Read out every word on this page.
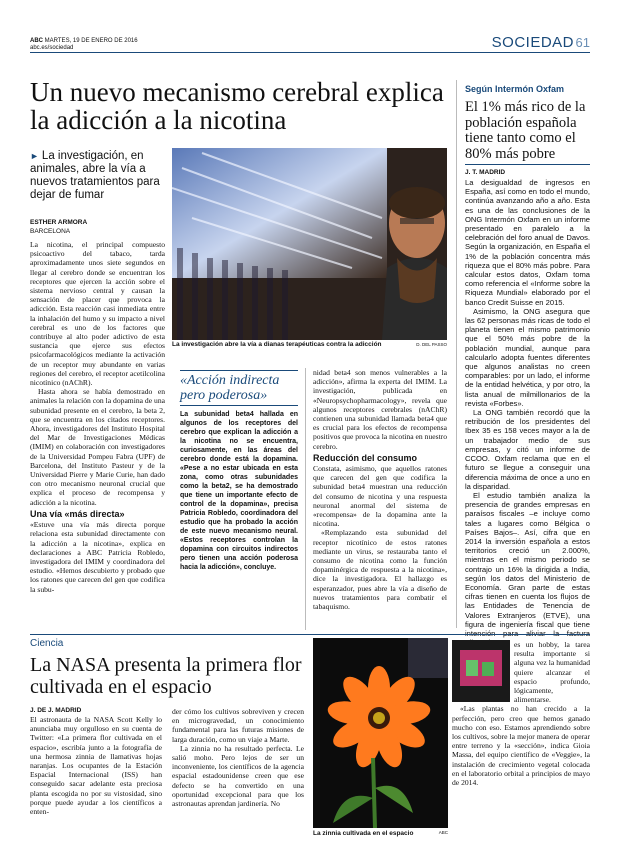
ABC MARTES, 19 DE ENERO DE 2016
abc.es/sociedad	SOCIEDAD 61
Un nuevo mecanismo cerebral explica la adicción a la nicotina
► La investigación, en animales, abre la vía a nuevos tratamientos para dejar de fumar
ESTHER ARMORA
BARCELONA
La nicotina, el principal compuesto psicoactivo del tabaco, tarda aproximadamente unos siete segundos en llegar al cerebro donde se encuentran los receptores que ejercen la acción sobre el sistema nervioso central y causan la sensación de placer que provoca la adicción. Esta reacción casi inmediata entre la inhalación del humo y su impacto a nivel cerebral es uno de los factores que contribuye al alto poder adictivo de esta sustancia que ejerce sus efectos psicofarmacológicos mediante la activación de un receptor muy abundante en varias regiones del cerebro, el receptor acetilcolina nicotínico (nAChR).
Hasta ahora se había demostrado en animales la relación con la dopamina de una subunidad presente en el cerebro, la beta 2, que se encuentra en los citados receptores. Ahora, investigadores del Instituto Hospital del Mar de Investigaciones Médicas (IMIM) en colaboración con investigadores de la Universidad Pompeu Fabra (UPF) de Barcelona, del Instituto Pasteur y de la Universidad Pierre y Marie Curie, han dado con otro mecanismo neuronal crucial que explica el proceso de recompensa y adicción a la nicotina.
Una vía «más directa»
«Estuve una vía más directa porque relaciona esta subunidad directamente con la adicción a la nicotina», explica en declaraciones a ABC Patricia Robledo, investigadora del IMIM y coordinadora del estudio. «Hemos descubierto y probado que los ratones que carecen del gen que codifica la subu-
La investigación abre la vía a dianas terapéuticas contra la adicción	D. DEL PASSO
«Acción indirecta pero poderosa»
La subunidad beta4 hallada en algunos de los receptores del cerebro que explican la adicción a la nicotina no se encuentra, curiosamente, en las áreas del cerebro donde está la dopamina. «Pese a no estar ubicada en esta zona, como otras subunidades como la beta2, se ha demostrado que tiene un importante efecto de control de la dopamina», precisa Patricia Robledo, coordinadora del estudio que ha probado la acción de este nuevo mecanismo neural. «Estos receptores controlan la dopamina con circuitos indirectos pero tienen una acción poderosa hacia la adicción», concluye.
nidad beta4 son menos vulnerables a la adicción», afirma la experta del IMIM. La investigación, publicada en «Neuropsychopharmacology», revela que algunos receptores cerebrales (nAChR) contienen una subunidad llamada beta4 que es crucial para los efectos de recompensa positivos que provoca la nicotina en nuestro cerebro.
Reducción del consumo
Constata, asimismo, que aquellos ratones que carecen del gen que codifica la subunidad beta4 muestran una reducción del consumo de nicotina y una respuesta neuronal anormal del sistema de «recompensa» de la dopamina ante la nicotina.
«Remplazando esta subunidad del receptor nicotínico de estos ratones mediante un virus, se restauraba tanto el consumo de nicotina como la función dopaminérgica de respuesta a la nicotina», dice la investigadora. El hallazgo es esperanzador, pues abre la vía a diseño de nuevos tratamientos para combatir el tabaquismo.
Según Intermón Oxfam
El 1% más rico de la población española tiene tanto como el 80% más pobre
J. T. MADRID
La desigualdad de ingresos en España, así como en todo el mundo, continúa avanzando año a año. Esta es una de las conclusiones de la ONG Intermón Oxfam en un informe presentado en paralelo a la celebración del foro anual de Davos. Según la organización, en España el 1% de la población concentra más riqueza que el 80% más pobre. Para calcular estos datos, Oxfam toma como referencia el «Informe sobre la Riqueza Mundial» elaborado por el banco Credit Suisse en 2015.
Asimismo, la ONG asegura que las 62 personas más ricas de todo el planeta tienen el mismo patrimonio que el 50% más pobre de la población mundial, aunque para calcularlo adopta fuentes diferentes que algunos analistas no creen comparables: por un lado, el informe de la entidad helvética, y por otro, la lista anual de milmillonarios de la revista «Forbes».
La ONG también recordó que la retribución de los presidentes del Ibex 35 es 158 veces mayor a la de un trabajador medio de sus empresas, y citó un informe de CCOO. Oxfam reclama que en el futuro se llegue a conseguir una diferencia máxima de once a uno en la disparidad.
El estudio también analiza la presencia de grandes empresas en paraísos fiscales –e incluye como tales a lugares como Bélgica o Países Bajos–. Así, cifra que en 2014 la inversión española a estos territorios creció un 2.000%, mientras en el mismo periodo se contrajo un 16% la dirigida a India, según los datos del Ministerio de Economía. Gran parte de estas cifras tienen en cuenta los flujos de las Entidades de Tenencia de Valores Extranjeros (ETVE), una figura de ingeniería fiscal que tiene
Ciencia
La NASA presenta la primera flor cultivada en el espacio
J. DE J. MADRID
El astronauta de la NASA Scott Kelly lo anunciaba muy orgulloso en su cuenta de Twitter: «La primera flor cultivada en el espacio», escribía junto a la fotografía de una hermosa zinnia de llamativas hojas naranjas. Los ocupantes de la Estación Espacial Internacional (ISS) han conseguido sacar adelante esta preciosa planta escogida no por su vistosidad, sino porque puede ayudar a los científicos a enten-
der cómo los cultivos sobreviven y crecen en microgravedad, un conocimiento fundamental para las futuras misiones de larga duración, como un viaje a Marte.
La zinnia no ha resultado perfecta. Le salió moho. Pero lejos de ser un inconveniente, los científicos de la agencia espacial estadounidense creen que ese defecto se ha convertido en una oportunidad excepcional para que los astronautas aprendan jardinería. No
La zinnia cultivada en el espacio	ABC
es un hobby, la tarea resulta importante si alguna vez la humanidad quiere alcanzar el espacio profundo, lógicamente, alimentarse.
«Las plantas no han crecido a la perfección, pero creo que hemos ganado mucho con eso. Estamos aprendiendo sobre los cultivos, sobre la mejor manera de operar entre terreno y la «sección», indica Gioia Massa, del equipo científico de «Veggie», la instalación de crecimiento vegetal colocada en el laboratorio orbital a principios de mayo de 2014.
